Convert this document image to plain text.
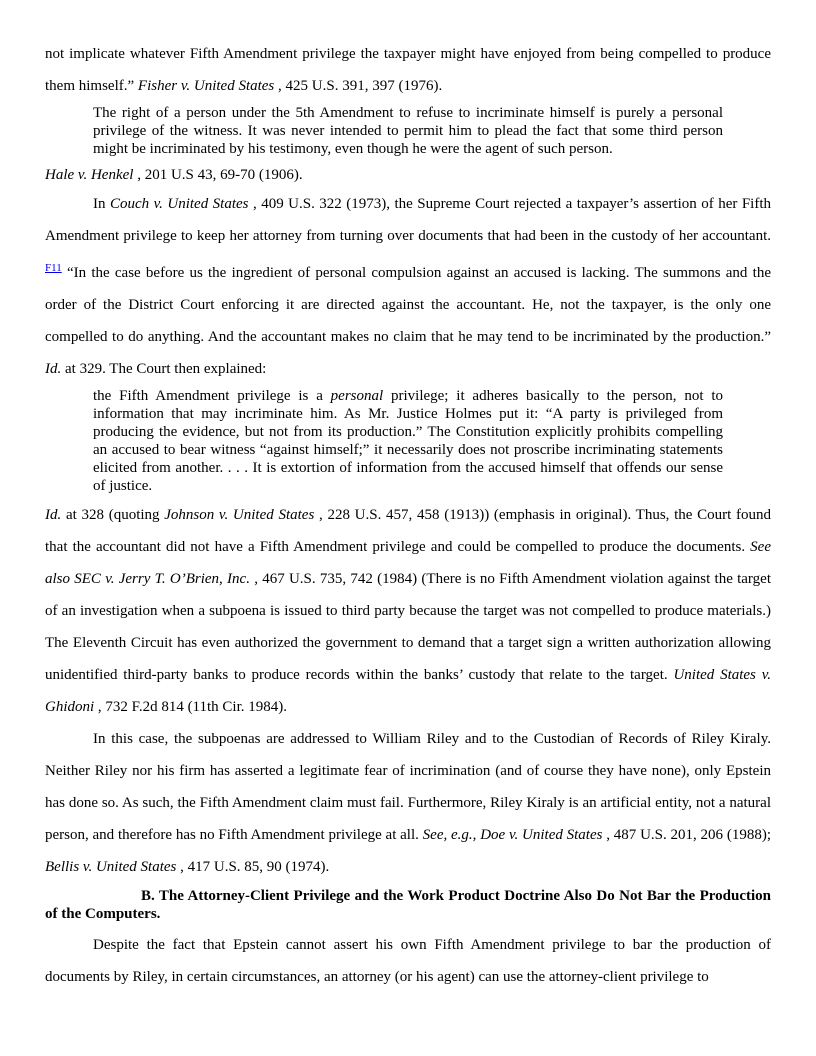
not implicate whatever Fifth Amendment privilege the taxpayer might have enjoyed from being compelled to produce them himself.” Fisher v. United States , 425 U.S. 391, 397 (1976).

The right of a person under the 5th Amendment to refuse to incriminate himself is purely a personal privilege of the witness. It was never intended to permit him to plead the fact that some third person might be incriminated by his testimony, even though he were the agent of such person.

Hale v. Henkel , 201 U.S 43, 69-70 (1906).

In Couch v. United States , 409 U.S. 322 (1973), the Supreme Court rejected a taxpayer’s assertion of her Fifth Amendment privilege to keep her attorney from turning over documents that had been in the custody of her accountant. $^{F11}$ “In the case before us the ingredient of personal compulsion against an accused is lacking. The summons and the order of the District Court enforcing it are directed against the accountant. He, not the taxpayer, is the only one compelled to do anything. And the accountant makes no claim that he may tend to be incriminated by the production.” Id. at 329. The Court then explained:

the Fifth Amendment privilege is a personal privilege; it adheres basically to the person, not to information that may incriminate him. As Mr. Justice Holmes put it: “A party is privileged from producing the evidence, but not from its production.” The Constitution explicitly prohibits compelling an accused to bear witness “against himself;” it necessarily does not proscribe incriminating statements elicited from another. . . . It is extortion of information from the accused himself that offends our sense of justice.

Id. at 328 (quoting Johnson v. United States , 228 U.S. 457, 458 (1913)) (emphasis in original). Thus, the Court found that the accountant did not have a Fifth Amendment privilege and could be compelled to produce the documents. See also SEC v. Jerry T. O’Brien, Inc. , 467 U.S. 735, 742 (1984) (There is no Fifth Amendment violation against the target of an investigation when a subpoena is issued to third party because the target was not compelled to produce materials.) The Eleventh Circuit has even authorized the government to demand that a target sign a written authorization allowing unidentified third-party banks to produce records within the banks’ custody that relate to the target. United States v. Ghidoni , 732 F.2d 814 (11th Cir. 1984).

In this case, the subpoenas are addressed to William Riley and to the Custodian of Records of Riley Kiraly. Neither Riley nor his firm has asserted a legitimate fear of incrimination (and of course they have none), only Epstein has done so. As such, the Fifth Amendment claim must fail. Furthermore, Riley Kiraly is an artificial entity, not a natural person, and therefore has no Fifth Amendment privilege at all. See, e.g., Doe v. United States , 487 U.S. 201, 206 (1988); Bellis v. United States , 417 U.S. 85, 90 (1974).

B. The Attorney-Client Privilege and the Work Product Doctrine Also Do Not Bar the Production of the Computers.

Despite the fact that Epstein cannot assert his own Fifth Amendment privilege to bar the production of documents by Riley, in certain circumstances, an attorney (or his agent) can use the attorney-client privilege to
